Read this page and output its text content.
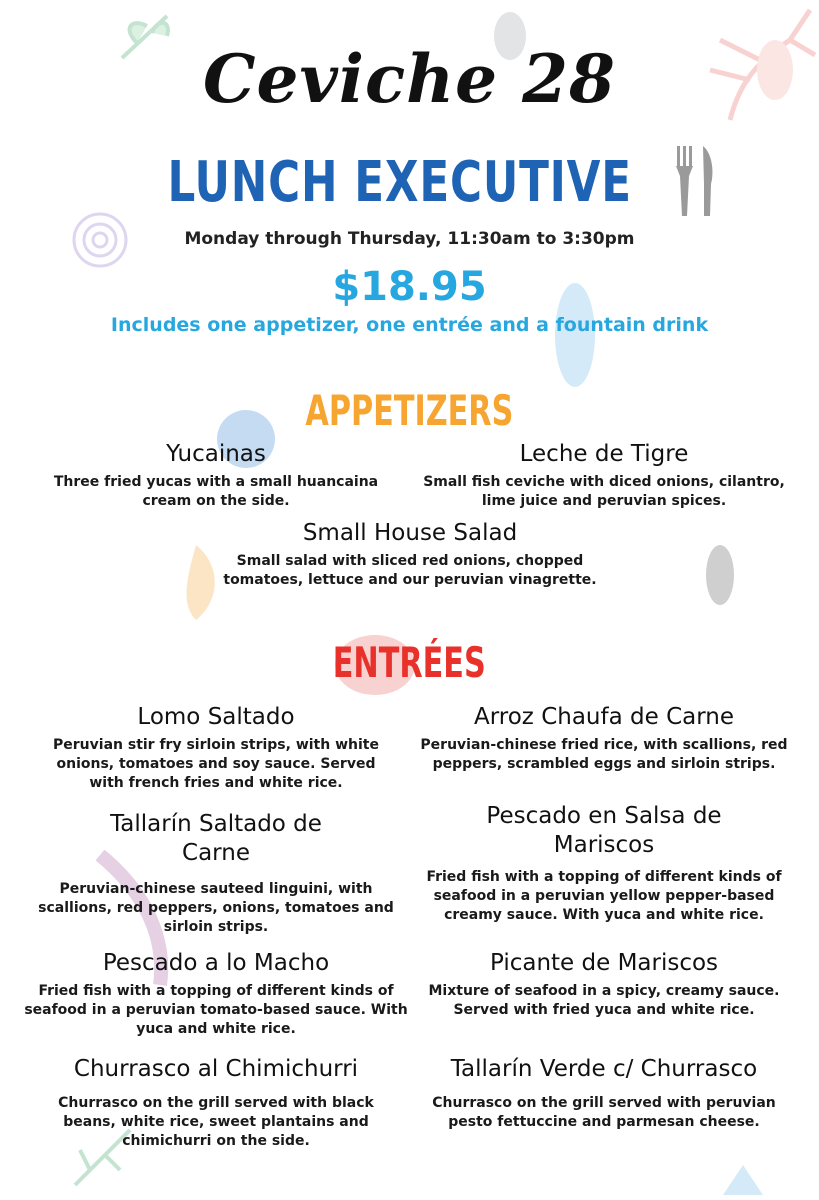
Ceviche 28
LUNCH EXECUTIVE
Monday through Thursday, 11:30am to 3:30pm
$18.95
Includes one appetizer, one entrée and a fountain drink
APPETIZERS
Yucainas

Three fried yucas with a small huancaina cream on the side.

Leche de Tigre

Small fish ceviche with diced onions, cilantro, lime juice and peruvian spices.

Small House Salad

Small salad with sliced red onions, chopped tomatoes, lettuce and our peruvian vinagrette.

ENTRÉES
Lomo Saltado

Peruvian stir fry sirloin strips, with white onions, tomatoes and soy sauce. Served with french fries and white rice.

Arroz Chaufa de Carne

Peruvian-chinese fried rice, with scallions, red peppers, scrambled eggs and sirloin strips.

Tallarín Saltado de Carne

Peruvian-chinese sauteed linguini, with scallions, red peppers, onions, tomatoes and sirloin strips.

Pescado en Salsa de Mariscos

Fried fish with a topping of different kinds of seafood in a peruvian yellow pepper-based creamy sauce. With yuca and white rice.

Pescado a lo Macho

Fried fish with a topping of different kinds of seafood in a peruvian tomato-based sauce. With yuca and white rice.

Picante de Mariscos

Mixture of seafood in a spicy, creamy sauce. Served with fried yuca and white rice.

Churrasco al Chimichurri

Churrasco on the grill served with black beans, white rice, sweet plantains and chimichurri on the side.

Tallarín Verde c/ Churrasco

Churrasco on the grill served with peruvian pesto fettuccine and parmesan cheese.
